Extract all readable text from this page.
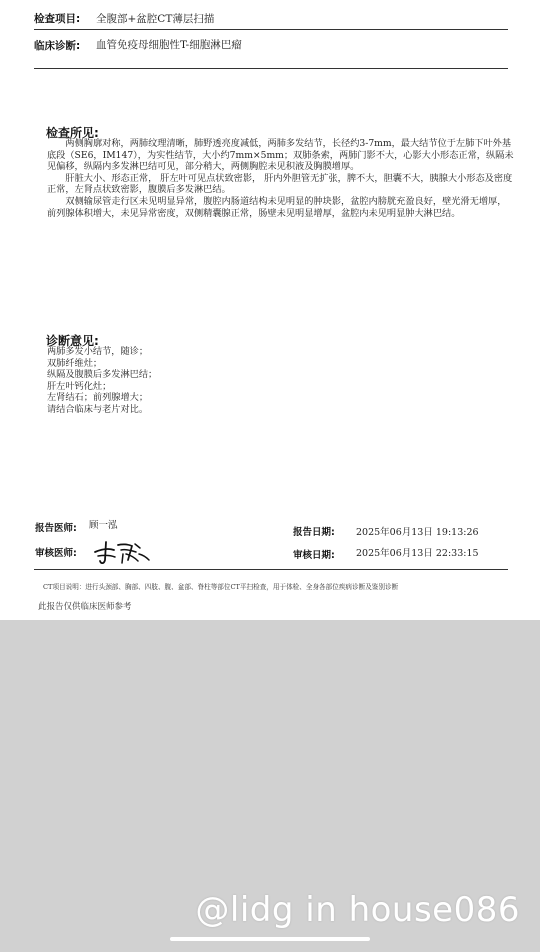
检查项目: 全腹部+盆腔CT薄层扫描
临床诊断: 血管免疫母细胞性T-细胞淋巴瘤
检查所见:

两侧胸廓对称，两肺纹理清晰，肺野透亮度减低，两肺多发结节，长径约3-7mm，最大结节位于左肺下叶外基底段（SE6，IM147），为实性结节，大小约7mm×5mm；双肺条索，两肺门影不大，心影大小形态正常，纵隔未见偏移，纵隔内多发淋巴结可见，部分稍大，两侧胸腔未见积液及胸膜增厚。

肝脏大小、形态正常， 肝左叶可见点状致密影， 肝内外胆管无扩张，脾不大，胆囊不大，胰腺大小形态及密度正常，左肾点状致密影，腹膜后多发淋巴结。

双侧输尿管走行区未见明显异常，腹腔内肠道结构未见明显的肿块影，盆腔内膀胱充盈良好，壁光滑无增厚，前列腺体积增大，未见异常密度，双侧精囊腺正常，肠壁未见明显增厚，盆腔内未见明显肿大淋巴结。

诊断意见:
两肺多发小结节，随诊；
双肺纤维灶；
纵隔及腹膜后多发淋巴结；
肝左叶钙化灶；
左肾结石；前列腺增大；
请结合临床与老片对比。
报告医师: 顾一泓
审核医师:
报告日期: 2025年06月13日 19:13:26
审核日期: 2025年06月13日 22:33:15
CT项目说明：进行头颈部、胸部、四肢、腹、盆部、脊柱等部位CT平扫检查，用于体检、全身各部位疾病诊断及鉴别诊断
此报告仅供临床医师参考
@lidg in house086
